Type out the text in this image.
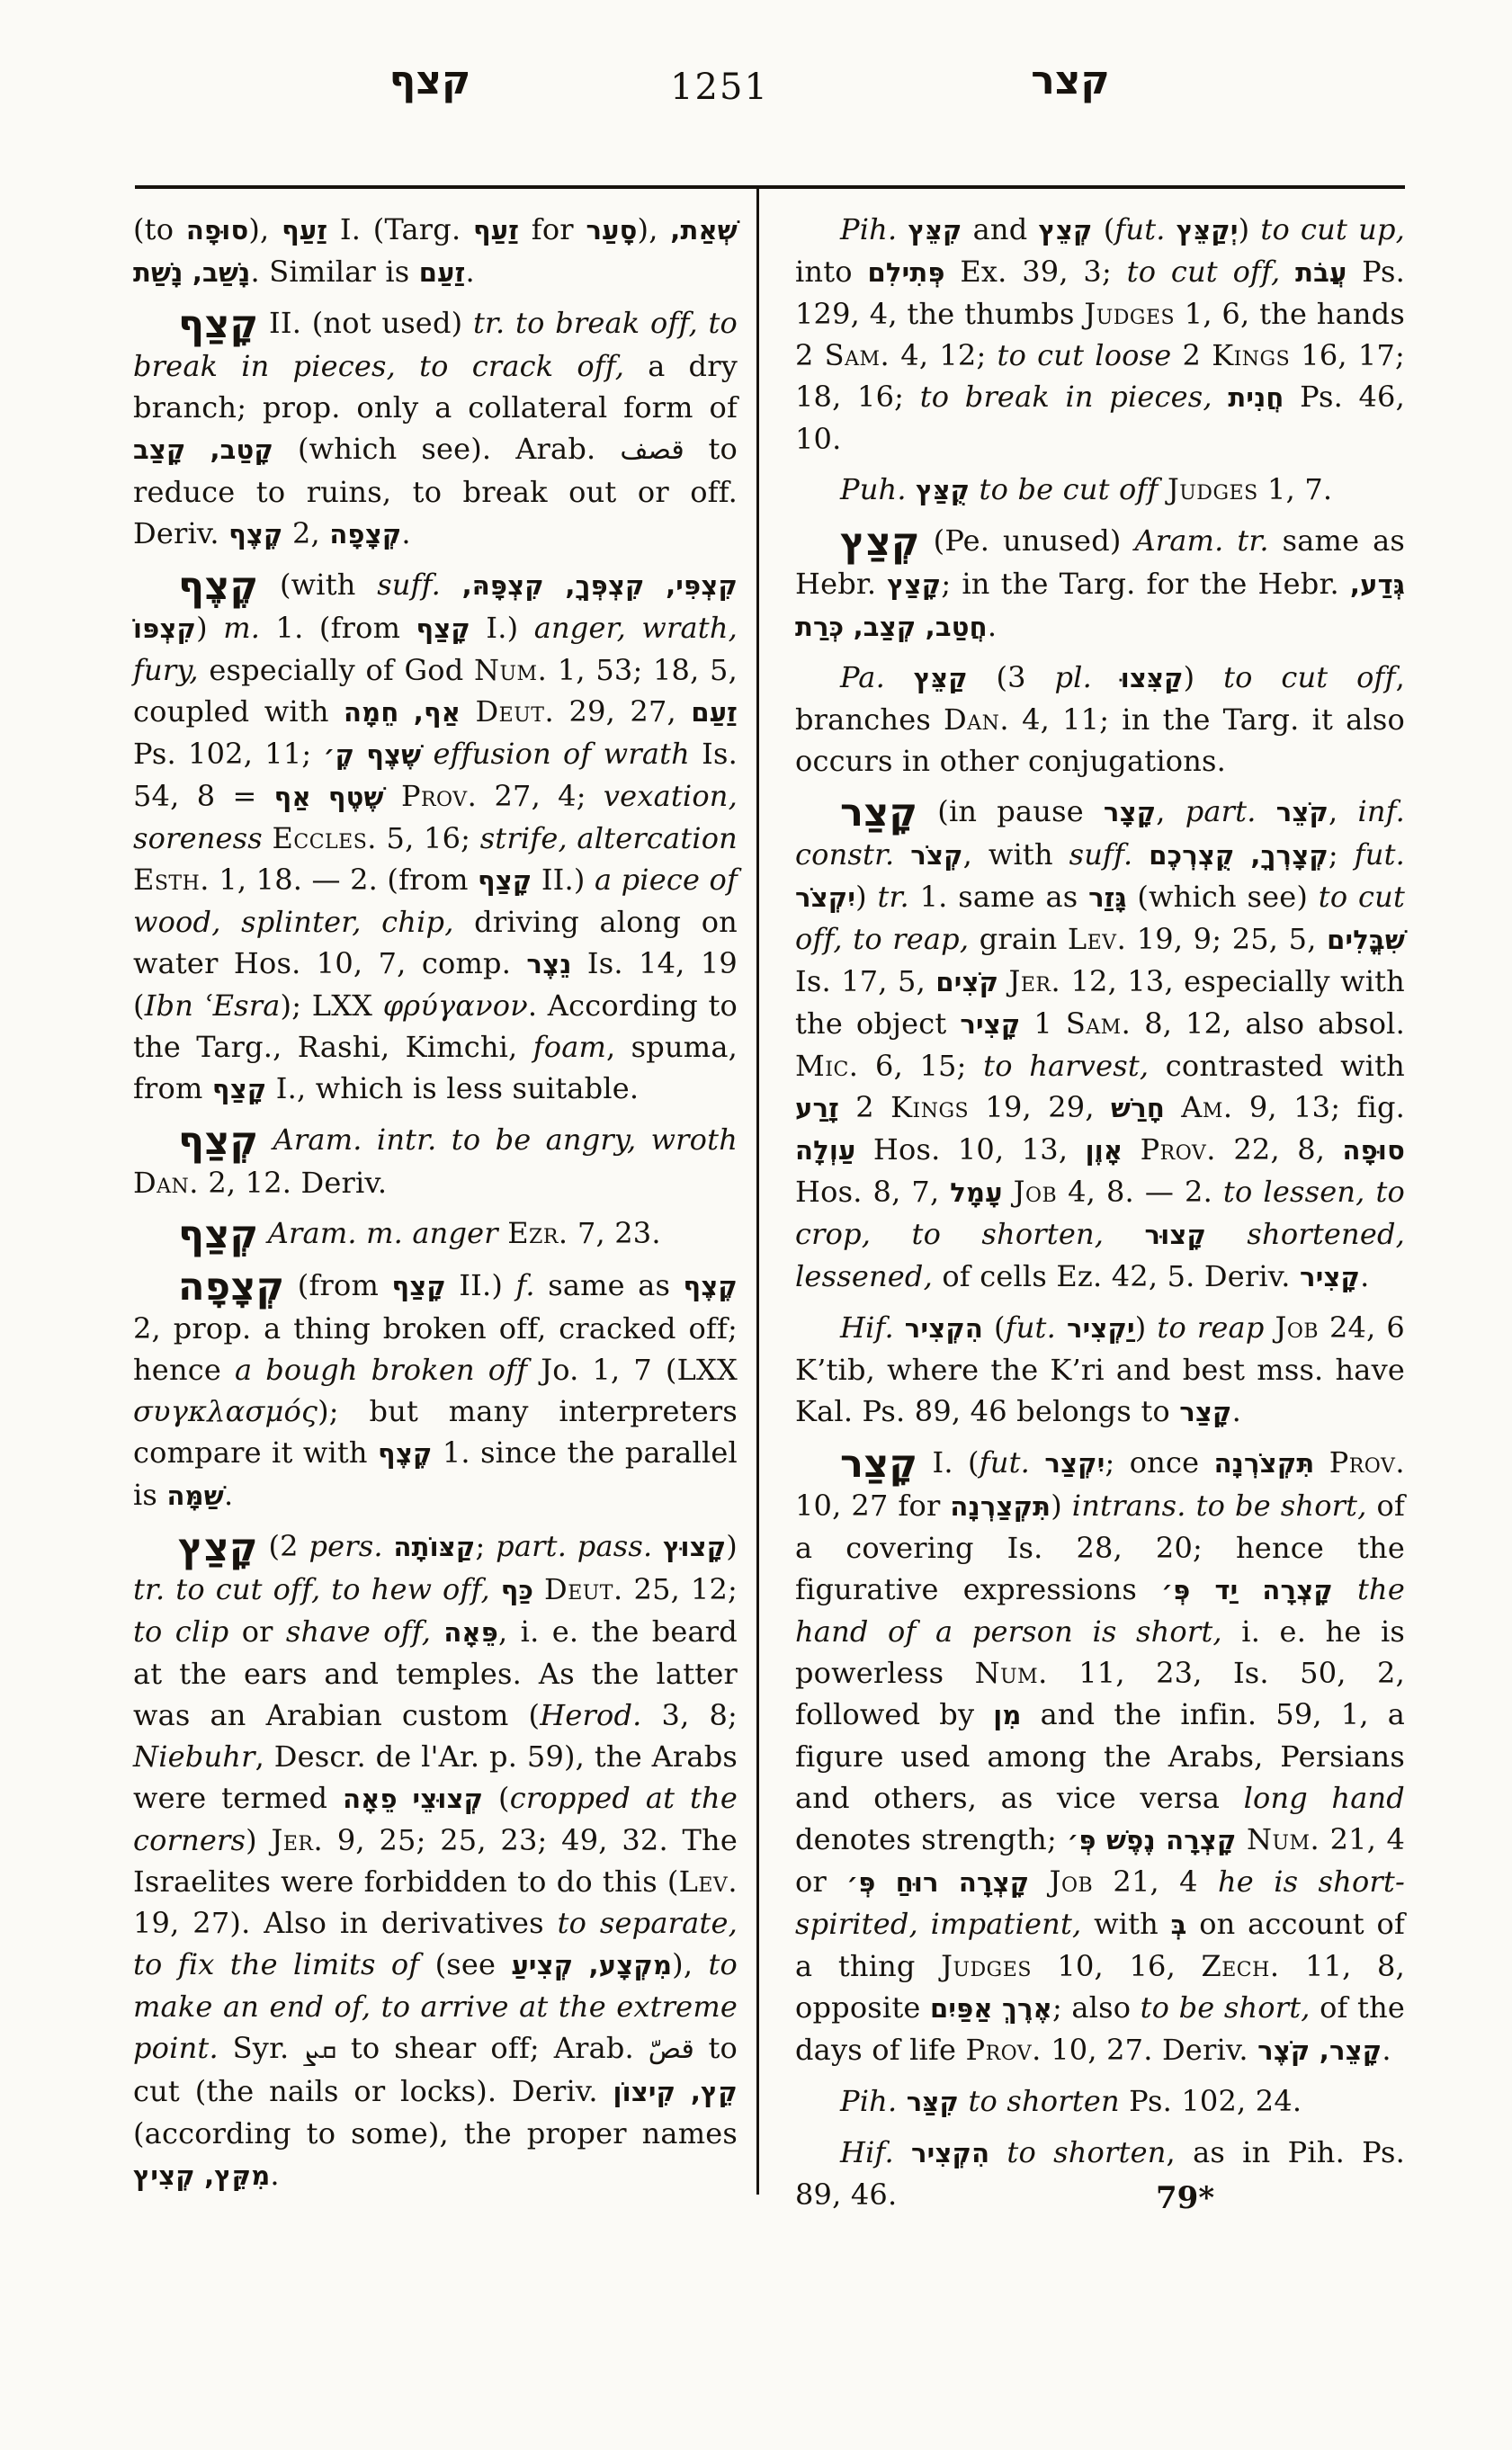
קצף	1251	קצר

(to סוּפָה), זַעַף I. (Targ. זַעַף for סָעַר), שְׁאַת, נָשַׁב, נָשַׁת. Similar is זַעַם.

קָצַף II. (not used) tr. to break off, to break in pieces, to crack off, a dry branch; prop. only a collateral form of קָטַב, קָצַב (which see). Arab. قصف to reduce to ruins, to break out or off. Deriv. קֶצֶף 2, קְצָפָה.

קֶצֶף (with suff. קִצְפִּי, קִצְפְּךָ, קִצְפָּהּ, קִצְפּוֹ) m. 1. (from קָצַף I.) anger, wrath, fury, especially of God Num. 1, 53; 18, 5, coupled with אַף, חֵמָה Deut. 29, 27, זַעַם Ps. 102, 11; שֶׁצֶף קֶ׳ effusion of wrath Is. 54, 8 = שֶׁטֶף אַף Prov. 27, 4; vexation, soreness Eccles. 5, 16; strife, altercation Esth. 1, 18. — 2. (from קָצַף II.) a piece of wood, splinter, chip, driving along on water Hos. 10, 7, comp. נֵצֶר Is. 14, 19 (Ibn ʿEsra); LXX φρύγανον. According to the Targ., Rashi, Kimchi, foam, spuma, from קָצַף I., which is less suitable.

קְצַף Aram. intr. to be angry, wroth Dan. 2, 12. Deriv.

קְצַף Aram. m. anger Ezr. 7, 23.

קְצָפָה (from קָצַף II.) f. same as קֶצֶף 2, prop. a thing broken off, cracked off; hence a bough broken off Jo. 1, 7 (LXX συγκλασμός); but many interpreters compare it with קֶצֶף 1. since the parallel is שַׁמָּה.

קָצַץ (2 pers. קַצּוֹתָה; part. pass. קָצוּץ) tr. to cut off, to hew off, כַּף Deut. 25, 12; to clip or shave off, פֵּאָה, i. e. the beard at the ears and temples. As the latter was an Arabian custom (Herod. 3, 8; Niebuhr, Descr. de l'Ar. p. 59), the Arabs were termed קְצוּצֵי פֵאָה (cropped at the corners) Jer. 9, 25; 25, 23; 49, 32. The Israelites were forbidden to do this (Lev. 19, 27). Also in derivatives to separate, to fix the limits of (see מִקְצָע, קְצִיעַ), to make an end of, to arrive at the extreme point. Syr. ܩܨ to shear off; Arab. قصّ to cut (the nails or locks). Deriv. קֵץ, קִיצוֹן (according to some), the proper names מִקֵּץ, קְצִיץ.

Pih. קִצֵּץ and קְצֵץ (fut. יְקַצֵּץ) to cut up, into פְּתִילִם Ex. 39, 3; to cut off, עֲבֹת Ps. 129, 4, the thumbs Judges 1, 6, the hands 2 Sam. 4, 12; to cut loose 2 Kings 16, 17; 18, 16; to break in pieces, חֲנִית Ps. 46, 10.

Puh. קֻצַּץ to be cut off Judges 1, 7.

קְצַץ (Pe. unused) Aram. tr. same as Hebr. קָצַץ; in the Targ. for the Hebr. גְּדַע, חֲטַב, קְצַב, כְּרַת.

Pa. קַצֵּץ (3 pl. קַצִּצוּ) to cut off, branches Dan. 4, 11; in the Targ. it also occurs in other conjugations.

קָצַר (in pause קָצָר, part. קֹצֵר, inf. constr. קְצֹר, with suff. קְצָרְךָ, קֻצְרְכֶם; fut. יִקְצֹר) tr. 1. same as גָּזַר (which see) to cut off, to reap, grain Lev. 19, 9; 25, 5, שִׁבֳּלִים Is. 17, 5, קֹצִים Jer. 12, 13, especially with the object קָצִיר 1 Sam. 8, 12, also absol. Mic. 6, 15; to harvest, contrasted with זָרַע 2 Kings 19, 29, חָרַשׁ Am. 9, 13; fig. עַוְלָה Hos. 10, 13, אָוֶן Prov. 22, 8, סוּפָה Hos. 8, 7, עָמָל Job 4, 8. — 2. to lessen, to crop, to shorten, קָצוּר shortened, lessened, of cells Ez. 42, 5. Deriv. קָצִיר.

Hif. הִקְצִיר (fut. יַקְצִיר) to reap Job 24, 6 K’tib, where the K’ri and best mss. have Kal. Ps. 89, 46 belongs to קָצַר.

קָצַר I. (fut. יִקְצַר; once תִּקְצֹרְנָה Prov. 10, 27 for תִּקְצַרְנָה) intrans. to be short, of a covering Is. 28, 20; hence the figurative expressions קָצְרָה יַד פְּ׳ the hand of a person is short, i. e. he is powerless Num. 11, 23, Is. 50, 2, followed by מִן and the infin. 59, 1, a figure used among the Arabs, Persians and others, as vice versa long hand denotes strength; קָצְרָה נֶפֶשׁ פְּ׳ Num. 21, 4 or קָצְרָה רוּחַ פְּ׳ Job 21, 4 he is short-spirited, impatient, with בְּ on account of a thing Judges 10, 16, Zech. 11, 8, opposite אֶרֶךְ אַפַּיִם; also to be short, of the days of life Prov. 10, 27. Deriv. קָצֵר, קֹצֶר.

Pih. קִצַּר to shorten Ps. 102, 24.

Hif. הִקְצִיר to shorten, as in Pih. Ps. 89, 46.	79*
